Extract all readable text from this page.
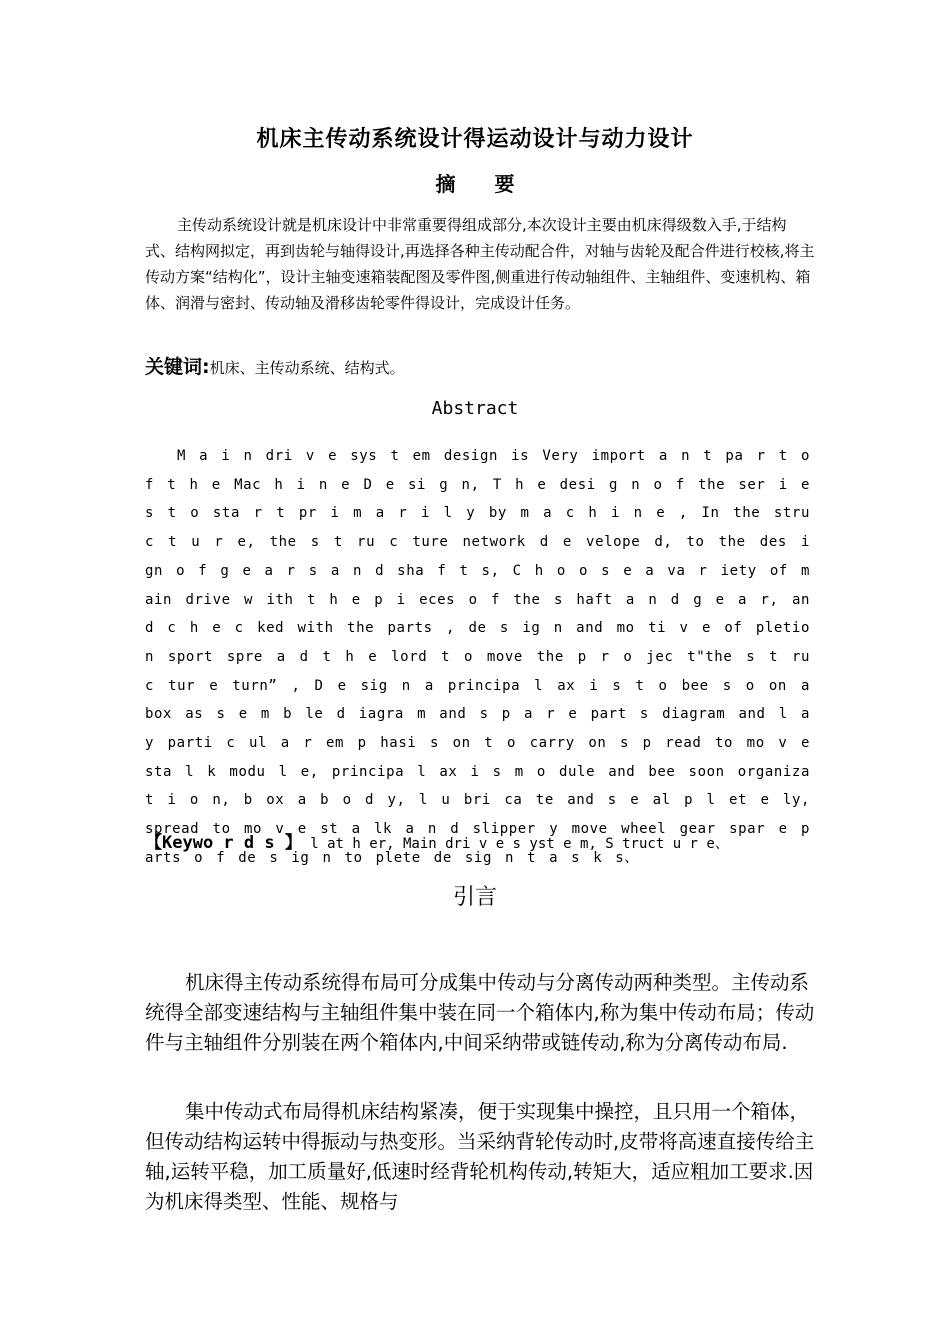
机床主传动系统设计得运动设计与动力设计
摘 要

主传动系统设计就是机床设计中非常重要得组成部分,本次设计主要由机床得级数入手,于结构式、结构网拟定，再到齿轮与轴得设计,再选择各种主传动配合件，对轴与齿轮及配合件进行校核,将主传动方案“结构化”，设计主轴变速箱装配图及零件图,侧重进行传动轴组件、主轴组件、变速机构、箱体、润滑与密封、传动轴及滑移齿轮零件得设计，完成设计任务。

关键词:机床、主传动系统、结构式。
Abstract

M a i n dri v e sys t em design is Very import a n t pa r t o f t h e Mac h i n e D e si g n, T h e desi g n o f the ser i e s t o sta r t pr i m a r i l y by m a c h i n e , In the stru c t u r e, the s t ru c ture network d e velope d, to the des i gn o f g e a r s a n d sha f t s, C h o o s e a va r iety of main drive w ith t h e p i eces o f the s haft a n d g e a r, an d c h e c ked with the parts , de s ig n and mo ti v e of pletion sport spre a d t h e lord t o move the p r o jec t"the s t ru c tur e turn” , D e sig n a principa l ax i s t o bee s o on a box as s e m b le d iagra m and s p a r e part s diagram and l a y parti c ul a r em p hasi s on t o carry on s p read to mo v e sta l k modu l e, principa l ax i s m o dule and bee soon organizat i o n, b ox a b o d y, l u bri ca te and s e al p l et e ly, spread to mo v e st a lk a n d slipper y move wheel gear spar e p arts o f de s ig n to plete de sig n t a s k s、

【Keywo r d s 】 l at h er, Main dri v e s yst e m, S truct u r e、
引言

机床得主传动系统得布局可分成集中传动与分离传动两种类型。主传动系统得全部变速结构与主轴组件集中装在同一个箱体内,称为集中传动布局；传动件与主轴组件分别装在两个箱体内,中间采纳带或链传动,称为分离传动布局.

集中传动式布局得机床结构紧凑，便于实现集中操控，且只用一个箱体，但传动结构运转中得振动与热变形。当采纳背轮传动时,皮带将高速直接传给主轴,运转平稳，加工质量好,低速时经背轮机构传动,转矩大，适应粗加工要求.因为机床得类型、性能、规格与
